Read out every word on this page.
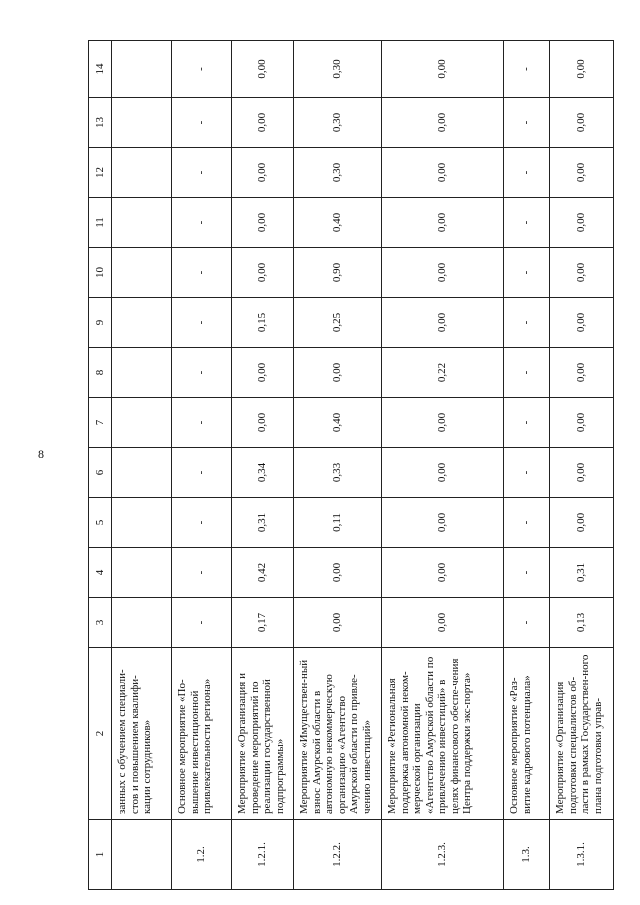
8
1	2	3	4	5	6	7	8	9	10	11	12	13	14
	занных с обучением специали-стов и повышением квалифи-кации сотрудников»												
1.2.	Основное мероприятие «По-вышение инвестиционной привлекательности региона»	-	-	-	-	-	-	-	-	-	-	-	-
1.2.1.	Мероприятие «Организация и проведение мероприятий по реализации государственной подпрограммы»	0,17	0,42	0,31	0,34	0,00	0,00	0,15	0,00	0,00	0,00	0,00	0,00
1.2.2.	Мероприятие «Имуществен-ный взнос Амурской области в автономную некоммерческую организацию «Агентство Амурской области по привле-чению инвестиций»	0,00	0,00	0,11	0,33	0,40	0,00	0,25	0,90	0,40	0,30	0,30	0,30
1.2.3.	Мероприятие «Региональная поддержка автономной неком-мерческой организации «Агентство Амурской области по привлечению инвестиций» в целях финансового обеспе-чения Центра поддержки экс-порта»	0,00	0,00	0,00	0,00	0,00	0,22	0,00	0,00	0,00	0,00	0,00	0,00
1.3.	Основное мероприятие «Раз-витие кадрового потенциала»	-	-	-	-	-	-	-	-	-	-	-	-
1.3.1.	Мероприятие «Организация подготовки специалистов об-ласти в рамках Государствен-ного плана подготовки управ-	0,13	0,31	0,00	0,00	0,00	0,00	0,00	0,00	0,00	0,00	0,00	0,00
